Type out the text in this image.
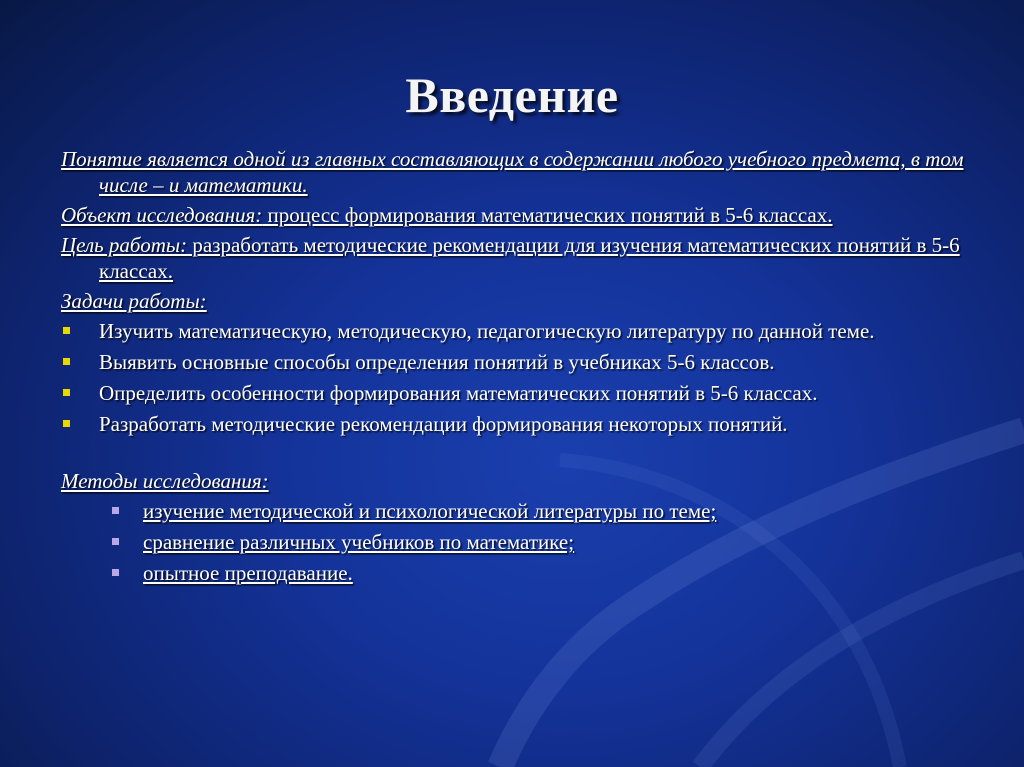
Введение
Понятие является одной из главных составляющих в содержании любого учебного предмета, в том числе – и математики.
Объект исследования: процесс формирования математических понятий в 5-6 классах.
Цель работы: разработать методические рекомендации для изучения математических понятий в 5-6 классах.
Задачи работы:
Изучить математическую, методическую, педагогическую литературу по данной теме.
Выявить основные способы определения понятий в учебниках 5-6 классов.
Определить особенности формирования математических понятий в 5-6 классах.
Разработать методические рекомендации формирования некоторых понятий.
Методы исследования:
изучение методической и психологической литературы по теме;
сравнение различных учебников по математике;
опытное преподавание.
